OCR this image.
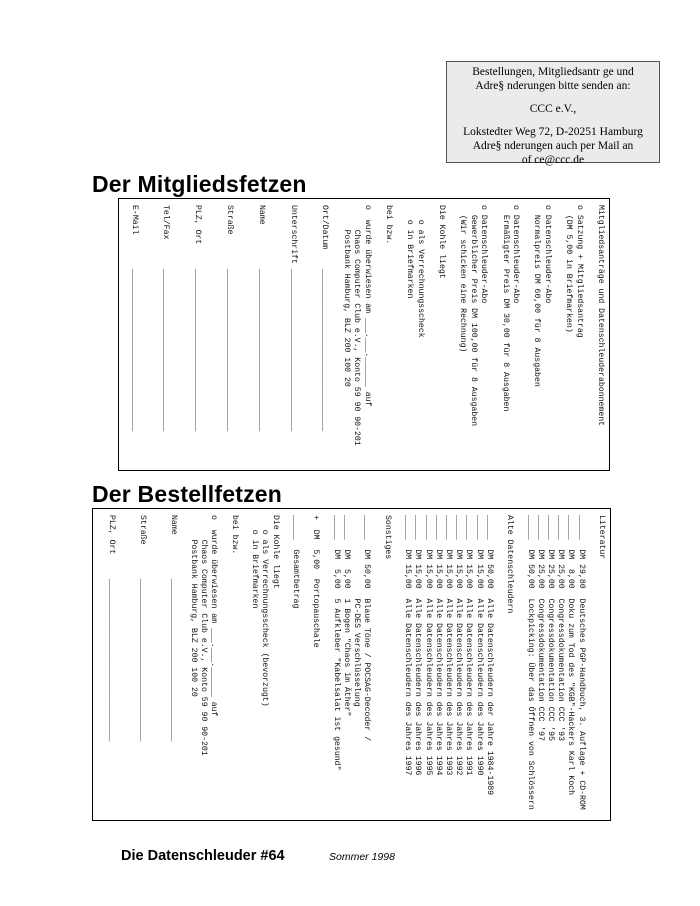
Bestellungen, Mitgliedsantr ge und
Adre§ nderungen bitte senden an:
CCC e.V.,
Lokstedter Weg 72, D-20251 Hamburg
Adre§ nderungen auch per Mail an
of ce@ccc.de
Der Mitgliedsfetzen
Mitgliedsanträge und Datenschleuderabonnement
o Satzung + Mitgliedsantrag
(DM 5,00 in Briefmarken)
o Datenschleuder-Abo
Normalpreis DM 60,00 für 8 Ausgaben
o Datenschleuder-Abo
Ermäßigter Preis DM 30,00 für 8 Ausgaben
o Datenschleuder-Abo
Gewerblicher Preis DM 100,00 für 8 Ausgaben
(Wir schicken eine Rechnung)
Die Kohle liegt
o als Verrechnungsscheck
o in Briefmarken
bei bzw.
o  wurde überwiesen am ___.___.______ auf
Chaos Computer Club e.V., Konto 59 90 90-201
Postbank Hamburg, BLZ 200 100 20
Ort/Datum    _________________________________
Unterschrift _________________________________
Name         _________________________________
Straße       _________________________________
PLZ, Ort     _________________________________
Tel/Fax      _________________________________
E-Mail       _________________________________
Der Bestellfetzen
Literatur
_____  DM 29,80  Deutsches PGP-Handbuch, 3. Auflage + CD-ROM
_____  DM  8,00  Doku zum Tod des "KGB"-Hackers Karl Koch
_____  DM 25,00  Congressdokumentation CCC '93
_____  DM 25,00  Congressdokumentation CCC '95
_____  DM 25,00  Congressdokumentation CCC '97
_____  DM 50,00  Lockpicking: Über das Öffnen von Schlössern
Alte Datenschleudern
_____  DM 50,00  Alle Datenschleudern der Jahre 1984-1989
_____  DM 15,00  Alle Datenschleudern des Jahres 1990
_____  DM 15,00  Alle Datenschleudern des Jahres 1991
_____  DM 15,00  Alle Datenschleudern des Jahres 1992
_____  DM 15,00  Alle Datenschleudern des Jahres 1993
_____  DM 15,00  Alle Datenschleudern des Jahres 1994
_____  DM 15,00  Alle Datenschleudern des Jahres 1995
_____  DM 15,00  Alle Datenschleudern des Jahres 1996
_____  DM 15,00  Alle Datenschleudern des Jahres 1997
Sonstiges
_____  DM 50,00  Blaue Töne / POCSAG-Decoder /
PC-DES Verschlüsselung
_____  DM  5,00  1 Bogen "Chaos im Äther"
_____  DM  5,00  5 Aufkleber "Kabelsalat ist gesund"
+  DM  5,00  Portopauschale
_____  Gesamtbetrag
Die Kohle liegt
o als Verrechnungsscheck (bevorzugt)
o in Briefmarken
bei bzw.
o  wurde überwiesen am ___.___.______ auf
Chaos Computer Club e.V., Konto 59 90 90-201
Postbank Hamburg, BLZ 200 100 20
Name         _________________________________
Straße       _________________________________
PLZ, Ort     _________________________________
Die Datenschleuder #64	Sommer 1998
